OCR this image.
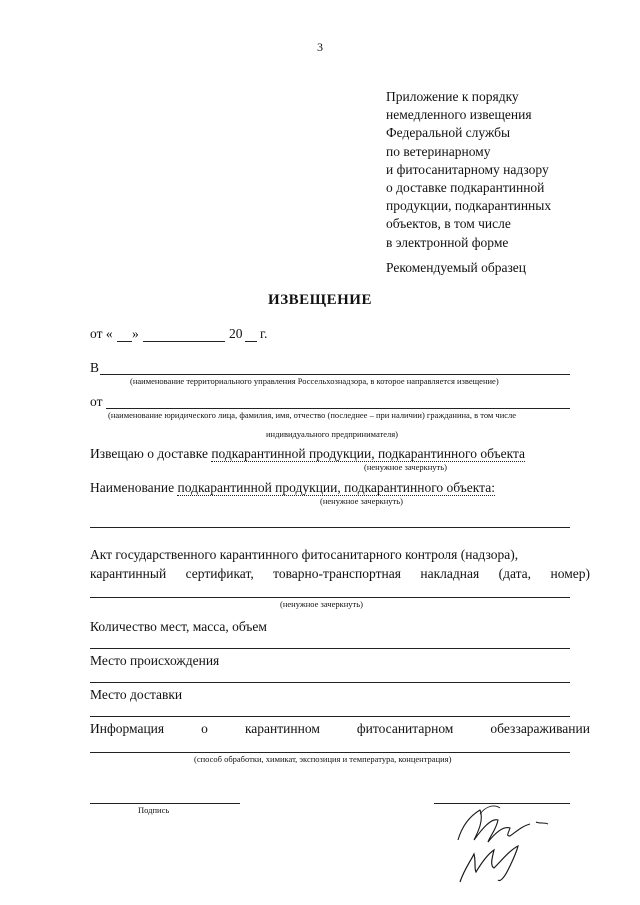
3
Приложение к порядку
немедленного извещения
Федеральной службы
по ветеринарному
и фитосанитарному надзору
о доставке подкарантинной
продукции, подкарантинных
объектов, в том числе
в электронной форме
Рекомендуемый образец
ИЗВЕЩЕНИЕ
от « »	20 г.
В
(наименование территориального управления Россельхознадзора, в которое направляется извещение)
от
(наименование юридического лица, фамилия, имя, отчество (последнее – при наличии) гражданина, в том числе
индивидуального предпринимателя)
Извещаю о доставке подкарантинной продукции, подкарантинного объекта
(ненужное зачеркнуть)
Наименование подкарантинной продукции, подкарантинного объекта:
(ненужное зачеркнуть)
Акт государственного карантинного фитосанитарного контроля (надзора),
карантинный сертификат, товарно-транспортная накладная (дата, номер)
(ненужное зачеркнуть)
Количество мест, масса, объем
Место происхождения
Место доставки
Информация	о	карантинном	фитосанитарном	обеззараживании
(способ обработки, химикат, экспозиция и температура, концентрация)
Подпись
